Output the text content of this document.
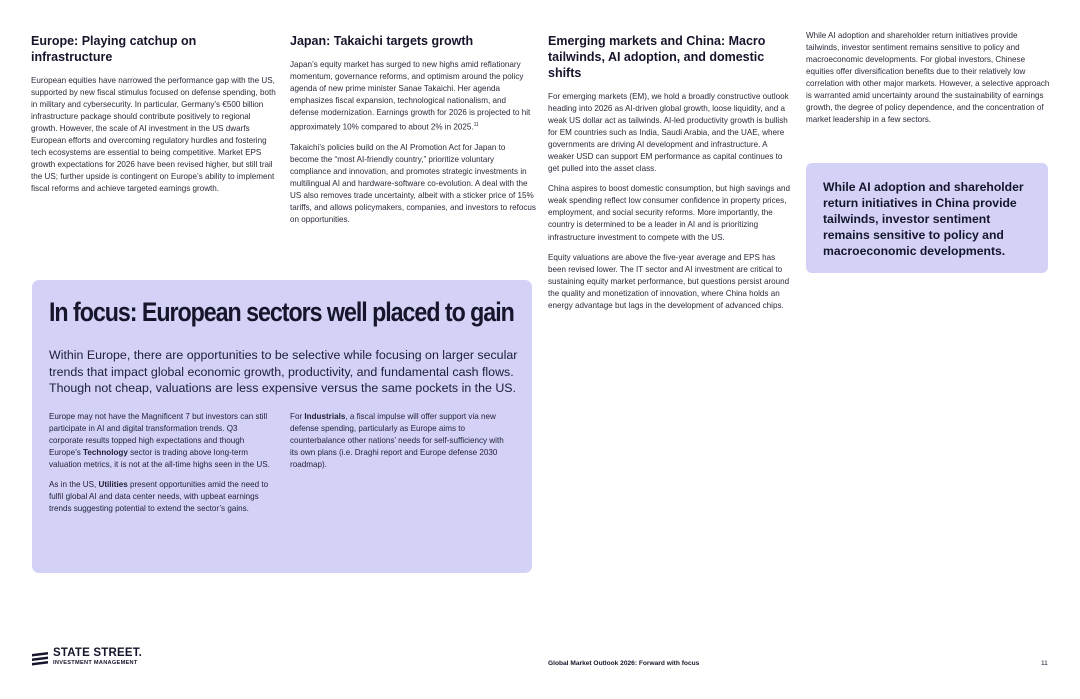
Europe: Playing catchup on infrastructure

European equities have narrowed the performance gap with the US, supported by new fiscal stimulus focused on defense spending, both in military and cybersecurity. In particular, Germany’s €500 billion infrastructure package should contribute positively to regional growth. However, the scale of AI investment in the US dwarfs European efforts and overcoming regulatory hurdles and fostering tech ecosystems are essential to being competitive. Market EPS growth expectations for 2026 have been revised higher, but still trail the US; further upside is contingent on Europe’s ability to implement fiscal reforms and achieve targeted earnings growth.

Japan: Takaichi targets growth

Japan’s equity market has surged to new highs amid reflationary momentum, governance reforms, and optimism around the policy agenda of new prime minister Sanae Takaichi. Her agenda emphasizes fiscal expansion, technological nationalism, and defense modernization. Earnings growth for 2026 is projected to hit approximately 10% compared to about 2% in 2025.11

Takaichi’s policies build on the AI Promotion Act for Japan to become the “most AI-friendly country,” prioritize voluntary compliance and innovation, and promotes strategic investments in multilingual AI and hardware-software co-evolution. A deal with the US also removes trade uncertainty, albeit with a sticker price of 15% tariffs, and allows policymakers, companies, and investors to refocus on opportunities.

Emerging markets and China: Macro tailwinds, AI adoption, and domestic shifts

For emerging markets (EM), we hold a broadly constructive outlook heading into 2026 as AI-driven global growth, loose liquidity, and a weak US dollar act as tailwinds. AI-led productivity growth is bullish for EM countries such as India, Saudi Arabia, and the UAE, where governments are driving AI development and infrastructure. A weaker USD can support EM performance as capital continues to get pulled into the asset class.

China aspires to boost domestic consumption, but high savings and weak spending reflect low consumer confidence in property prices, employment, and social security reforms. More importantly, the country is determined to be a leader in AI and is prioritizing infrastructure investment to compete with the US.

Equity valuations are above the five-year average and EPS has been revised lower. The IT sector and AI investment are critical to sustaining equity market performance, but questions persist around the quality and monetization of innovation, where China holds an energy advantage but lags in the development of advanced chips.

While AI adoption and shareholder return initiatives provide tailwinds, investor sentiment remains sensitive to policy and macroeconomic developments. For global investors, Chinese equities offer diversification benefits due to their relatively low correlation with other major markets. However, a selective approach is warranted amid uncertainty around the sustainability of earnings growth, the degree of policy dependence, and the concentration of market leadership in a few sectors.

While AI adoption and shareholder return initiatives in China provide tailwinds, investor sentiment remains sensitive to policy and macroeconomic developments.

In focus: European sectors well placed to gain

Within Europe, there are opportunities to be selective while focusing on larger secular trends that impact global economic growth, productivity, and fundamental cash flows. Though not cheap, valuations are less expensive versus the same pockets in the US.

Europe may not have the Magnificent 7 but investors can still participate in AI and digital transformation trends. Q3 corporate results topped high expectations and though Europe’s Technology sector is trading above long-term valuation metrics, it is not at the all-time highs seen in the US.

As in the US, Utilities present opportunities amid the need to fulfil global AI and data center needs, with upbeat earnings trends suggesting potential to extend the sector’s gains.

For Industrials, a fiscal impulse will offer support via new defense spending, particularly as Europe aims to counterbalance other nations’ needs for self-sufficiency with its own plans (i.e. Draghi report and Europe defense 2030 roadmap).

STATE STREET.
INVESTMENT MANAGEMENT	Global Market Outlook 2026: Forward with focus	11
